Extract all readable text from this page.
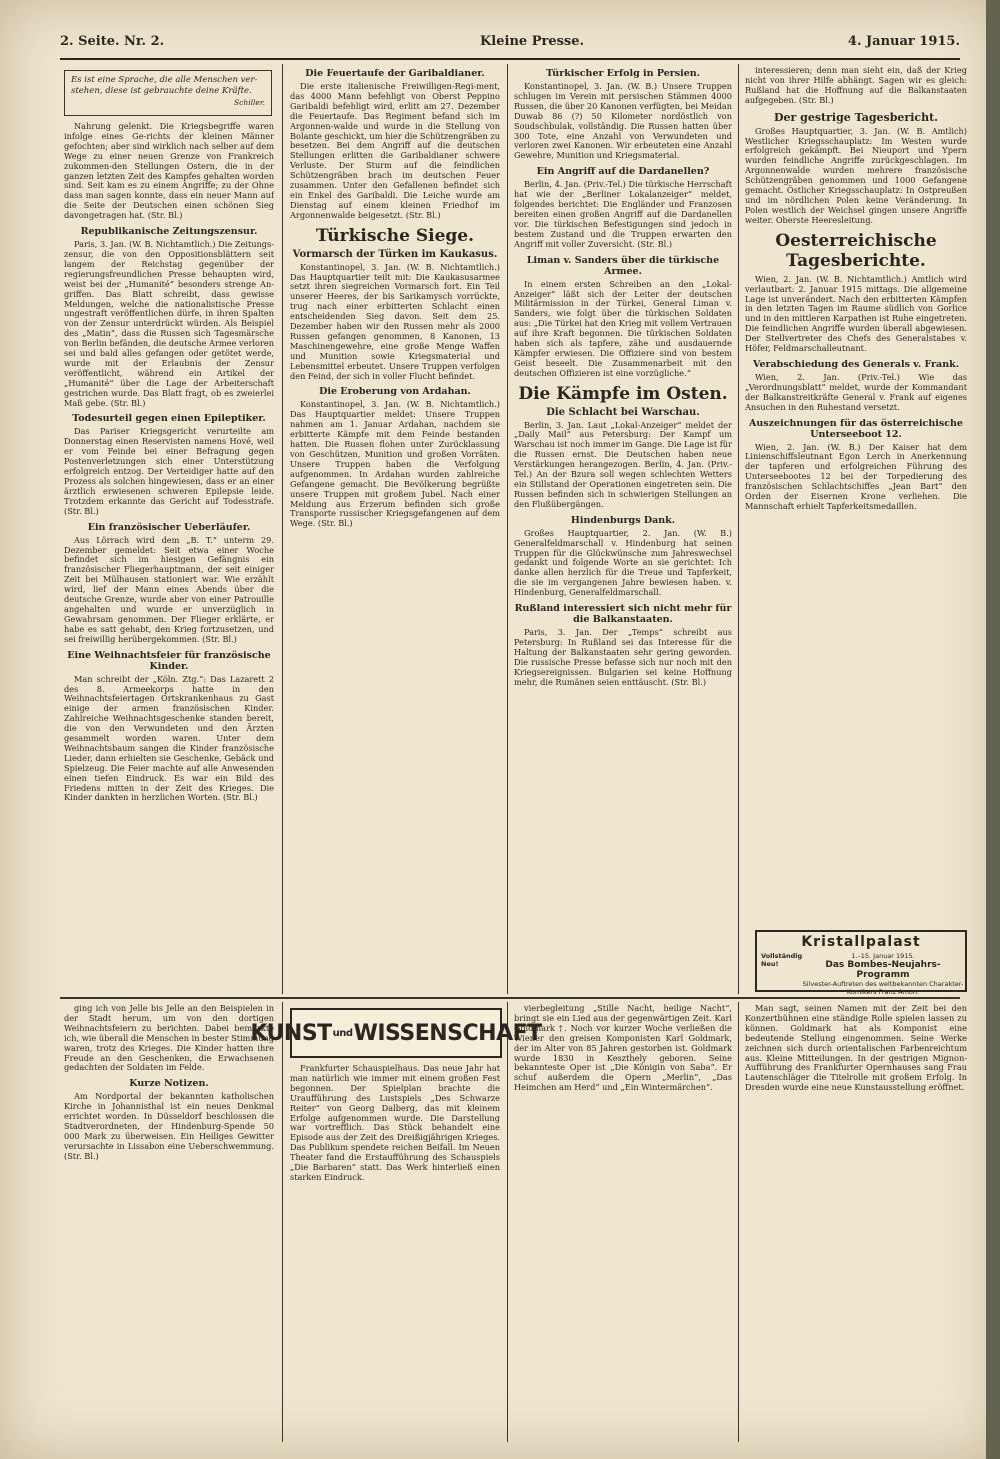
2. Seite. Nr. 2.	Kleine Presse.	4. Januar 1915.
Es ist eine Sprache, die alle Menschen ver-
stehen, diese ist gebrauchte deine Kräfte.
Schiller.

Nahrung gelenkt. Die Kriegsbegriffe waren infolge eines Ge-richts der kleinen Männer gefochten; aber sind wirklich nach selber auf dem Wege zu einer neuen Grenze von Frankreich zukommen-den Stellungen Ostern, die in der ganzen letzten Zeit des Kampfes gehalten worden sind. Seit kam es zu einem Angriffe; zu der Ohne dass man sagen konnte, dass ein neuer Mann auf die Seite der Deutschen einen schönen Sieg davongetragen hat. (Str. Bl.)

Republikanische Zeitungszensur.

Paris, 3. Jan. (W. B. Nichtamtlich.) Die Zeitungs-zensur, die von den Oppositionsblättern seit langem der Reichstag gegenüber der regierungsfreundlichen Presse behaupten wird, weist bei der „Humanité“ besonders strenge An-griffen. Das Blatt schreibt, dass gewisse Meldungen, welche die nationalistische Presse ungestraft veröffentlichen dürfe, in ihren Spalten von der Zensur unterdrückt würden. Als Beispiel des „Matin“, dass die Russen sich Tagesmärsche von Berlin befänden, die deutsche Armee verloren sei und bald alles gefangen oder getötet werde, wurde mit der Erlaubnis der Zensur veröffentlicht, während ein Artikel der „Humanité“ über die Lage der Arbeiterschaft gestrichen wurde. Das Blatt fragt, ob es zweierlei Maß gebe. (Str. Bl.)

Todesurteil gegen einen Epileptiker.

Das Pariser Kriegsgericht verurteilte am Donnerstag einen Reservisten namens Hové, weil er vom Feinde bei einer Befragung gegen Postenverletzungen sich einer Unterstützung erfolgreich entzog. Der Verteidiger hatte auf den Prozess als solchen hingewiesen, dass er an einer ärztlich erwiesenen schweren Epilepsie leide. Trotzdem erkannte das Gericht auf Todesstrafe. (Str. Bl.)

Ein französischer Ueberläufer.

Aus Lörrach wird dem „B. T.“ unterm 29. Dezember gemeldet: Seit etwa einer Woche befindet sich im hiesigen Gefängnis ein französischer Fliegerhauptmann, der seit einiger Zeit bei Mülhausen stationiert war. Wie erzählt wird, lief der Mann eines Abends über die deutsche Grenze, wurde aber von einer Patrouille angehalten und wurde er unverzüglich in Gewahrsam genommen. Der Flieger erklärte, er habe es satt gehabt, den Krieg fortzusetzen, und sei freiwillig herübergekommen. (Str. Bl.)

Eine Weihnachtsfeier für französische Kinder.

Man schreibt der „Köln. Ztg.“: Das Lazarett 2 des 8. Armeekorps hatte in den Weihnachtsfeiertagen Ortskrankenhaus zu Gast einige der armen französischen Kinder. Zahlreiche Weihnachtsgeschenke standen bereit, die von den Verwundeten und den Ärzten gesammelt worden waren. Unter dem Weihnachtsbaum sangen die Kinder französische Lieder, dann erhielten sie Geschenke, Gebäck und Spielzeug. Die Feier machte auf alle Anwesenden einen tiefen Eindruck. Es war ein Bild des Friedens mitten in der Zeit des Krieges. Die Kinder dankten in herzlichen Worten. (Str. Bl.)

Die Feuertaufe der Garibaldianer.

Die erste italienische Freiwilligen-Regi-ment, das 4000 Mann befehligt von Oberst Peppino Garibaldi befehligt wird, erlitt am 27. Dezember die Feuertaufe. Das Regiment befand sich im Argonnen-walde und wurde in die Stellung von Bolante geschickt, um hier die Schützengräben zu besetzen. Bei dem Angriff auf die deutschen Stellungen erlitten die Garibaldianer schwere Verluste. Der Sturm auf die feindlichen Schützengräben brach im deutschen Feuer zusammen. Unter den Gefallenen befindet sich ein Enkel des Garibaldi. Die Leiche wurde am Dienstag auf einem kleinen Friedhof im Argonnenwalde beigesetzt. (Str. Bl.)

Türkische Siege.
Vormarsch der Türken im Kaukasus.

Konstantinopel, 3. Jan. (W. B. Nichtamtlich.) Das Hauptquartier teilt mit: Die Kaukasusarmee setzt ihren siegreichen Vormarsch fort. Ein Teil unserer Heeres, der bis Sarikamysch vorrückte, trug nach einer erbitterten Schlacht einen entscheidenden Sieg davon. Seit dem 25. Dezember haben wir den Russen mehr als 2000 Russen gefangen genommen, 8 Kanonen, 13 Maschinengewehre, eine große Menge Waffen und Munition sowie Kriegsmaterial und Lebensmittel erbeutet. Unsere Truppen verfolgen den Feind, der sich in voller Flucht befindet.

Die Eroberung von Ardahan.

Konstantinopel, 3. Jan. (W. B. Nichtamtlich.) Das Hauptquartier meldet: Unsere Truppen nahmen am 1. Januar Ardahan, nachdem sie erbitterte Kämpfe mit dem Feinde bestanden hatten. Die Russen flohen unter Zurücklassung von Geschützen, Munition und großen Vorräten. Unsere Truppen haben die Verfolgung aufgenommen. In Ardahan wurden zahlreiche Gefangene gemacht. Die Bevölkerung begrüßte unsere Truppen mit großem Jubel. Nach einer Meldung aus Erzerum befinden sich große Transporte russischer Kriegsgefangenen auf dem Wege. (Str. Bl.)

Türkischer Erfolg in Persien.

Konstantinopel, 3. Jan. (W. B.) Unsere Truppen schlugen im Verein mit persischen Stämmen 4000 Russen, die über 20 Kanonen verfügten, bei Meidan Duwab 86 (?) 50 Kilometer nordöstlich von Soudschbulak, vollständig. Die Russen hatten über 300 Tote, eine Anzahl von Verwundeten und verloren zwei Kanonen. Wir erbeuteten eine Anzahl Gewehre, Munition und Kriegsmaterial.

Ein Angriff auf die Dardanellen?

Berlin, 4. Jan. (Priv.-Tel.) Die türkische Herrschaft hat wie der „Berliner Lokalanzeiger“ meldet, folgendes berichtet: Die Engländer und Franzosen bereiten einen großen Angriff auf die Dardanellen vor. Die türkischen Befestigungen sind jedoch in bestem Zustand und die Truppen erwarten den Angriff mit voller Zuversicht. (Str. Bl.)

Liman v. Sanders über die türkische Armee.

In einem ersten Schreiben an den „Lokal-Anzeiger“ läßt sich der Leiter der deutschen Militärmission in der Türkei, General Liman v. Sanders, wie folgt über die türkischen Soldaten aus: „Die Türkei hat den Krieg mit vollem Vertrauen auf ihre Kraft begonnen. Die türkischen Soldaten haben sich als tapfere, zähe und ausdauernde Kämpfer erwiesen. Die Offiziere sind von bestem Geist beseelt. Die Zusammenarbeit mit den deutschen Offizieren ist eine vorzügliche.“

Die Kämpfe im Osten.
Die Schlacht bei Warschau.

Berlin, 3. Jan. Laut „Lokal-Anzeiger“ meldet der „Daily Mail“ aus Petersburg: Der Kampf um Warschau ist noch immer im Gange. Die Lage ist für die Russen ernst. Die Deutschen haben neue Verstärkungen herangezogen. Berlin, 4. Jan. (Priv.-Tel.) An der Bzura soll wegen schlechten Wetters ein Stillstand der Operationen eingetreten sein. Die Russen befinden sich in schwierigen Stellungen an den Flußübergängen.

Hindenburgs Dank.

Großes Hauptquartier, 2. Jan. (W. B.) Generalfeldmarschall v. Hindenburg hat seinen Truppen für die Glückwünsche zum Jahreswechsel gedankt und folgende Worte an sie gerichtet: Ich danke allen herzlich für die Treue und Tapferkeit, die sie im vergangenen Jahre bewiesen haben. v. Hindenburg, Generalfeldmarschall.

Rußland interessiert sich nicht mehr für die Balkanstaaten.

Paris, 3. Jan. Der „Temps“ schreibt aus Petersburg: In Rußland sei das Interesse für die Haltung der Balkanstaaten sehr gering geworden. Die russische Presse befasse sich nur noch mit den Kriegsereignissen. Bulgarien sei keine Hoffnung mehr, die Rumänen seien enttäuscht. (Str. Bl.)

interessieren; denn man sieht ein, daß der Krieg nicht von ihrer Hilfe abhängt. Sagen wir es gleich: Rußland hat die Hoffnung auf die Balkanstaaten aufgegeben. (Str. Bl.)

Der gestrige Tagesbericht.

Großes Hauptquartier, 3. Jan. (W. B. Amtlich) Westlicher Kriegsschauplatz: Im Westen wurde erfolgreich gekämpft. Bei Nieuport und Ypern wurden feindliche Angriffe zurückgeschlagen. Im Argonnenwalde wurden mehrere französische Schützengräben genommen und 1000 Gefangene gemacht. Östlicher Kriegsschauplatz: In Ostpreußen und im nördlichen Polen keine Veränderung. In Polen westlich der Weichsel gingen unsere Angriffe weiter. Oberste Heeresleitung.

Oesterreichische Tagesberichte.

Wien, 2. Jan. (W. B. Nichtamtlich.) Amtlich wird verlautbart: 2. Januar 1915 mittags. Die allgemeine Lage ist unverändert. Nach den erbitterten Kämpfen in den letzten Tagen im Raume südlich von Gorlice und in den mittleren Karpathen ist Ruhe eingetreten. Die feindlichen Angriffe wurden überall abgewiesen. Der Stellvertreter des Chefs des Generalstabes v. Höfer, Feldmarschalleutnant.

Verabschiedung des Generals v. Frank.

Wien, 2. Jan. (Priv.-Tel.) Wie das „Verordnungsblatt“ meldet, wurde der Kommandant der Balkanstreitkräfte General v. Frank auf eigenes Ansuchen in den Ruhestand versetzt.

Auszeichnungen für das österreichische Unterseeboot 12.

Wien, 2. Jan. (W. B.) Der Kaiser hat dem Linienschiffsleutnant Egon Lerch in Anerkennung der tapferen und erfolgreichen Führung des Unterseebootes 12 bei der Torpedierung des französischen Schlachtschiffes „Jean Bart“ den Orden der Eisernen Krone verliehen. Die Mannschaft erhielt Tapferkeitsmedaillen.

Kristallpalast
Vollständig Neu!
1.–15. Januar 1915.
Das Bombes-Neujahrs-Programm
Silvester-Auftreten des weltbekannten Charakter-Komikers Franz Amon.

ging ich von Jelle bis Jelle an den Beispielen in der Stadt herum, um von den dortigen Weihnachtsfeiern zu berichten. Dabei bemerkte ich, wie überall die Menschen in bester Stimmung waren, trotz des Krieges. Die Kinder hatten ihre Freude an den Geschenken, die Erwachsenen gedachten der Soldaten im Felde.

Kurze Notizen.

Am Nordportal der bekannten katholischen Kirche in Johannisthal ist ein neues Denkmal errichtet worden. In Düsseldorf beschlossen die Stadtverordneten, der Hindenburg-Spende 50 000 Mark zu überweisen. Ein Heiliges Gewitter verursachte in Lissabon eine Ueberschwemmung. (Str. Bl.)

KUNST und WISSENSCHAFT

Frankfurter Schauspielhaus. Das neue Jahr hat man natürlich wie immer mit einem großen Fest begonnen. Der Spielplan brachte die Uraufführung des Lustspiels „Des Schwarze Reiter“ von Georg Dalberg, das mit kleinem Erfolge aufgenommen wurde. Die Darstellung war vortrefflich. Das Stück behandelt eine Episode aus der Zeit des Dreißigjährigen Krieges. Das Publikum spendete reichen Beifall. Im Neuen Theater fand die Erstaufführung des Schauspiels „Die Barbaren“ statt. Das Werk hinterließ einen starken Eindruck.

vierbegleitung „Stille Nacht, heilige Nacht“, bringt sie ein Lied aus der gegenwärtigen Zeit. Karl Goldmark †. Noch vor kurzer Woche verließen die Wiener den greisen Komponisten Karl Goldmark, der im Alter von 85 Jahren gestorben ist. Goldmark wurde 1830 in Keszthely geboren. Seine bekannteste Oper ist „Die Königin von Saba“. Er schuf außerdem die Opern „Merlin“, „Das Heimchen am Herd“ und „Ein Wintermärchen“.

Man sagt, seinen Namen mit der Zeit bei den Konzertbühnen eine ständige Rolle spielen lassen zu können. Goldmark hat als Komponist eine bedeutende Stellung eingenommen. Seine Werke zeichnen sich durch orientalischen Farbenreichtum aus. Kleine Mitteilungen. In der gestrigen Mignon-Aufführung des Frankfurter Opernhauses sang Frau Lautenschläger die Titelrolle mit großem Erfolg. In Dresden wurde eine neue Kunstausstellung eröffnet.
